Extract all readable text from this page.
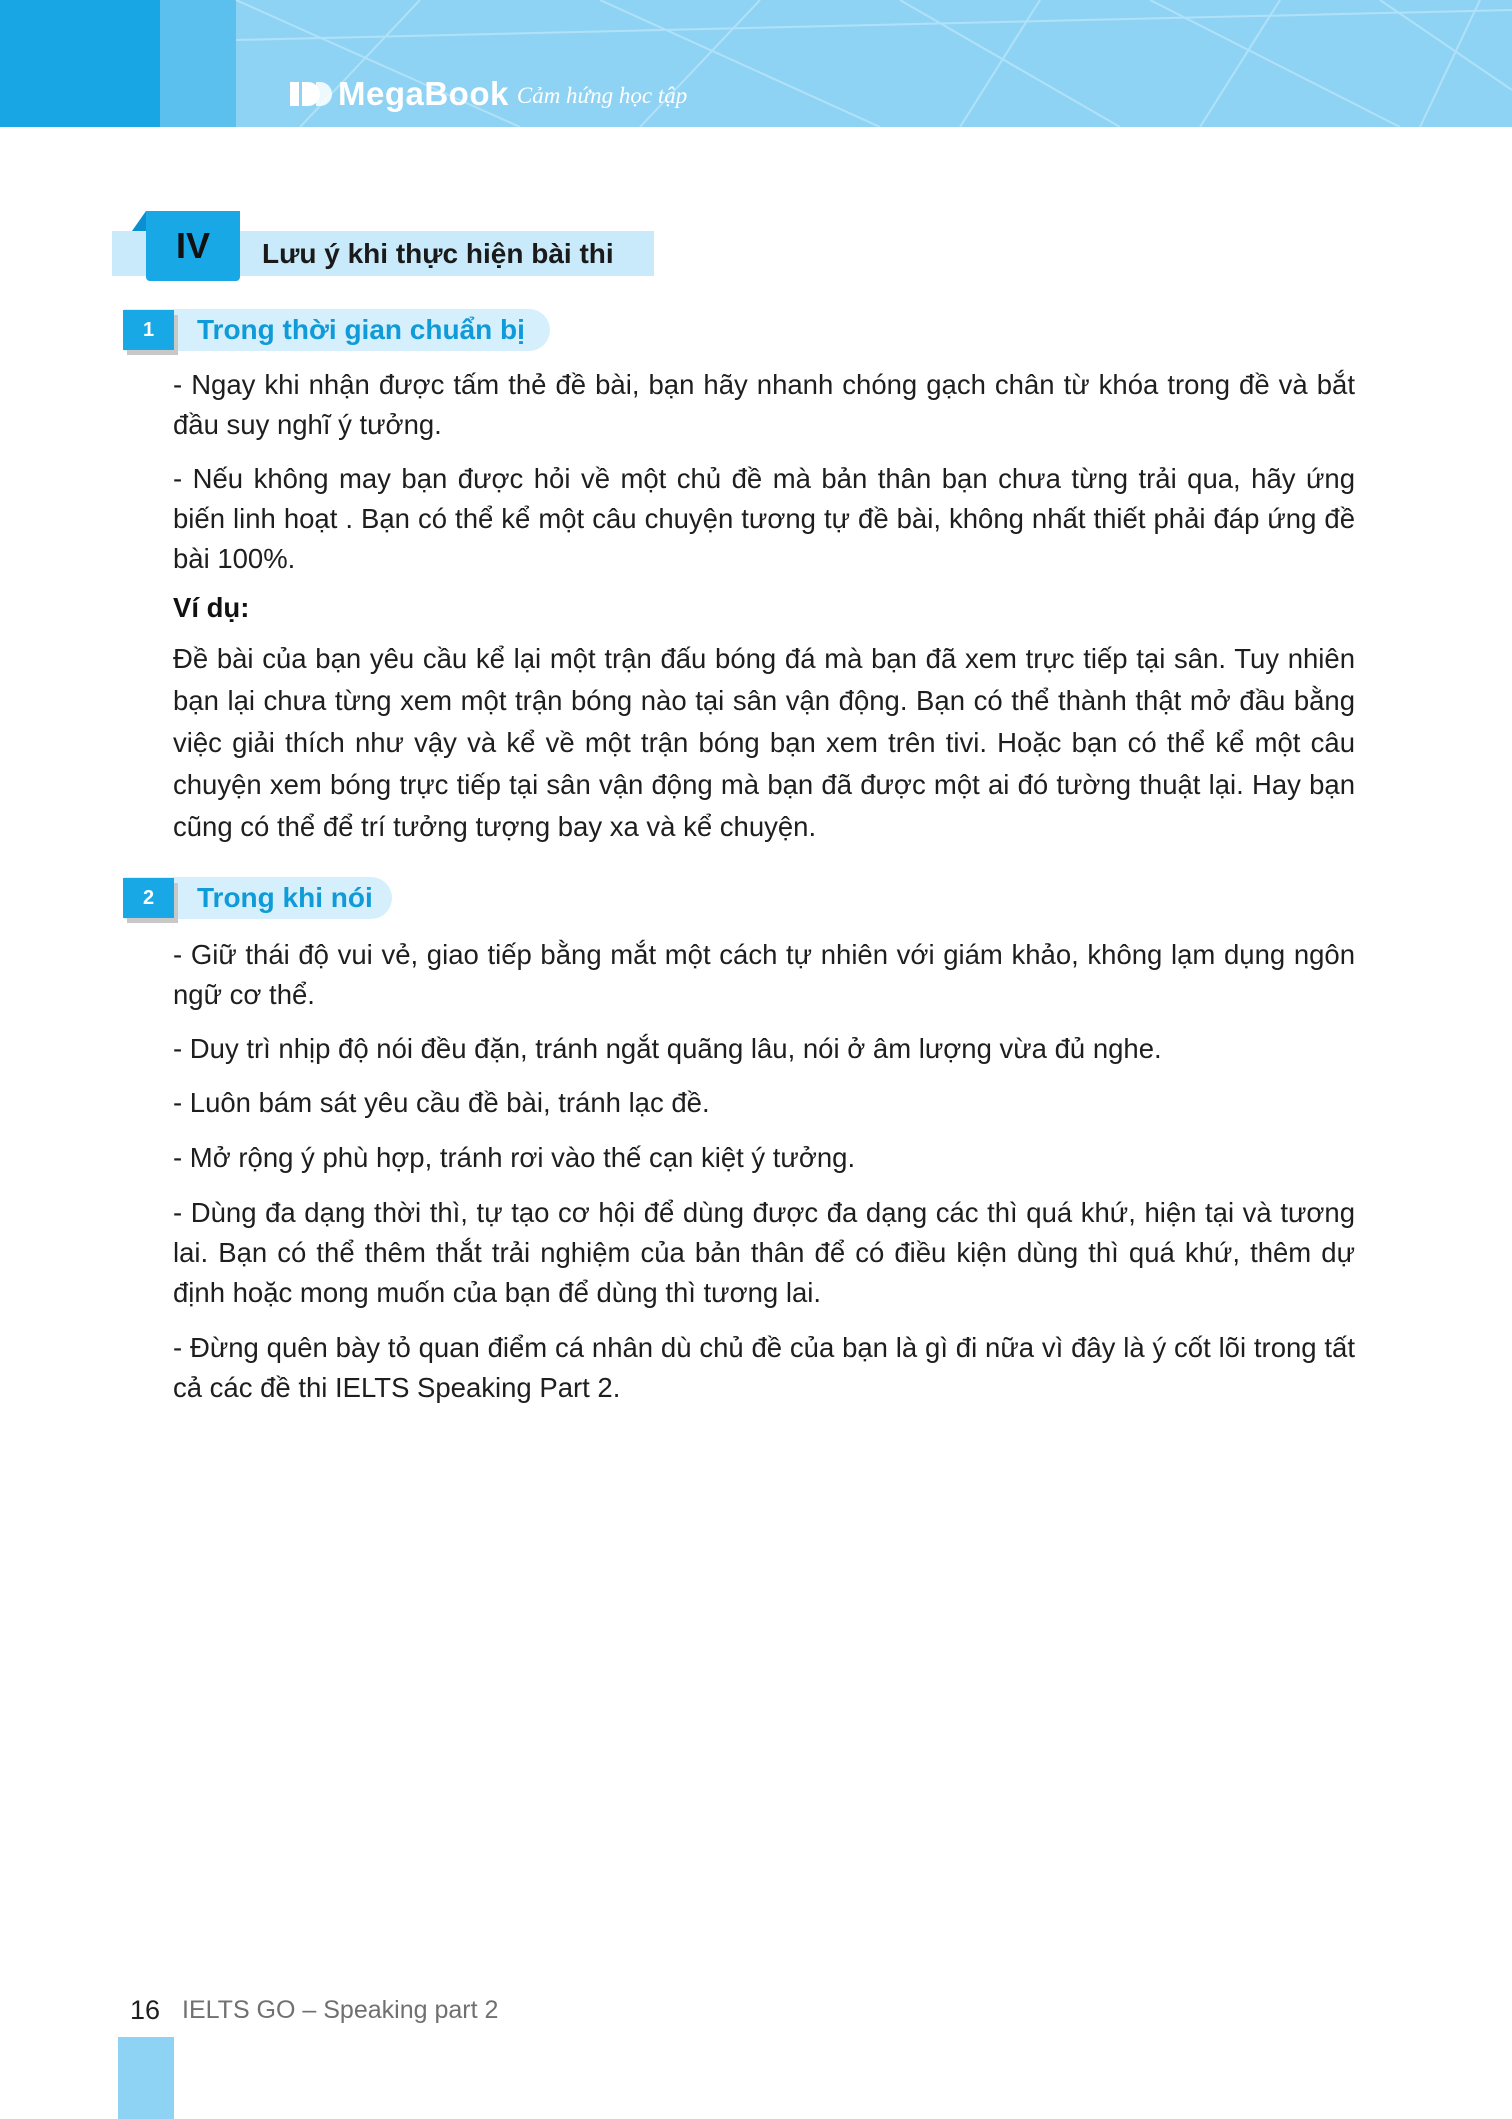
MegaBook Cảm hứng học tập
IV Lưu ý khi thực hiện bài thi
1 Trong thời gian chuẩn bị
- Ngay khi nhận được tấm thẻ đề bài, bạn hãy nhanh chóng gạch chân từ khóa trong đề và bắt đầu suy nghĩ ý tưởng.
- Nếu không may bạn được hỏi về một chủ đề mà bản thân bạn chưa từng trải qua, hãy ứng biến linh hoạt . Bạn có thể kể một câu chuyện tương tự đề bài, không nhất thiết phải đáp ứng đề bài 100%.
Ví dụ:
Đề bài của bạn yêu cầu kể lại một trận đấu bóng đá mà bạn đã xem trực tiếp tại sân. Tuy nhiên bạn lại chưa từng xem một trận bóng nào tại sân vận động. Bạn có thể thành thật mở đầu bằng việc giải thích như vậy và kể về một trận bóng bạn xem trên tivi. Hoặc bạn có thể kể một câu chuyện xem bóng trực tiếp tại sân vận động mà bạn đã được một ai đó tường thuật lại. Hay bạn cũng có thể để trí tưởng tượng bay xa và kể chuyện.
2 Trong khi nói
- Giữ thái độ vui vẻ, giao tiếp bằng mắt một cách tự nhiên với giám khảo, không lạm dụng ngôn ngữ cơ thể.
- Duy trì nhịp độ nói đều đặn, tránh ngắt quãng lâu, nói ở âm lượng vừa đủ nghe.
- Luôn bám sát yêu cầu đề bài, tránh lạc đề.
- Mở rộng ý phù hợp, tránh rơi vào thế cạn kiệt ý tưởng.
- Dùng đa dạng thời thì, tự tạo cơ hội để dùng được đa dạng các thì quá khứ, hiện tại và tương lai. Bạn có thể thêm thắt trải nghiệm của bản thân để có điều kiện dùng thì quá khứ, thêm dự định hoặc mong muốn của bạn để dùng thì tương lai.
- Đừng quên bày tỏ quan điểm cá nhân dù chủ đề của bạn là gì đi nữa vì đây là ý cốt lõi trong tất cả các đề thi IELTS Speaking Part 2.
16 IELTS GO – Speaking part 2
